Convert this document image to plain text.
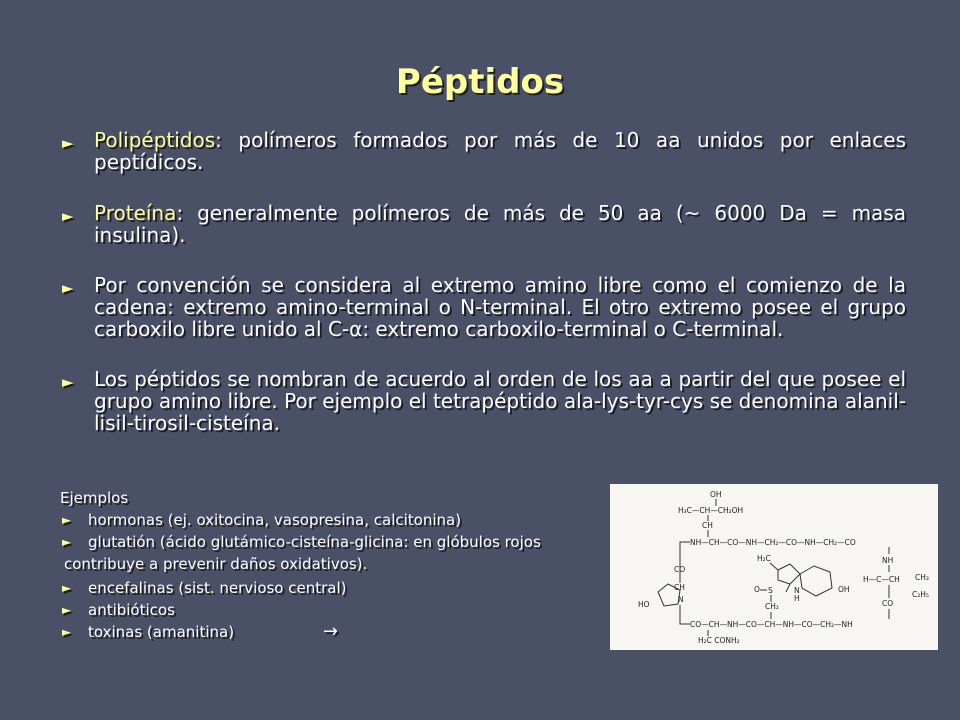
Péptidos
► Polipéptidos: polímeros formados por más de 10 aa unidos por enlaces peptídicos.
► Proteína: generalmente polímeros de más de 50 aa (~ 6000 Da = masa insulina).
► Por convención se considera al extremo amino libre como el comienzo de la cadena: extremo amino-terminal o N-terminal. El otro extremo posee el grupo carboxilo libre unido al C-α: extremo carboxilo-terminal o C-terminal.
► Los péptidos se nombran de acuerdo al orden de los aa a partir del que posee el grupo amino libre. Por ejemplo el tetrapéptido ala-lys-tyr-cys se denomina alanil-lisil-tirosil-cisteína.
Ejemplos
► hormonas (ej. oxitocina, vasopresina, calcitonina)
► glutatión (ácido glutámico-cisteína-glicina: en glóbulos rojos
contribuye a prevenir daños oxidativos).
► encefalinas (sist. nervioso central)
► antibióticos
► toxinas (amanitina)	→
OH
H₃C—CH—CH₂OH
CH
NH—CH—CO—NH—CH₂—CO—NH—CH₂—CO
H₂C	NH
CO
H—C—CH CH₃
C₂H₅
CH	O S	N
H
OH
CH₂	CO
HO
N
CO—CH—NH—CO—CH—NH—CO—CH₂—NH
H₂C CONH₂
